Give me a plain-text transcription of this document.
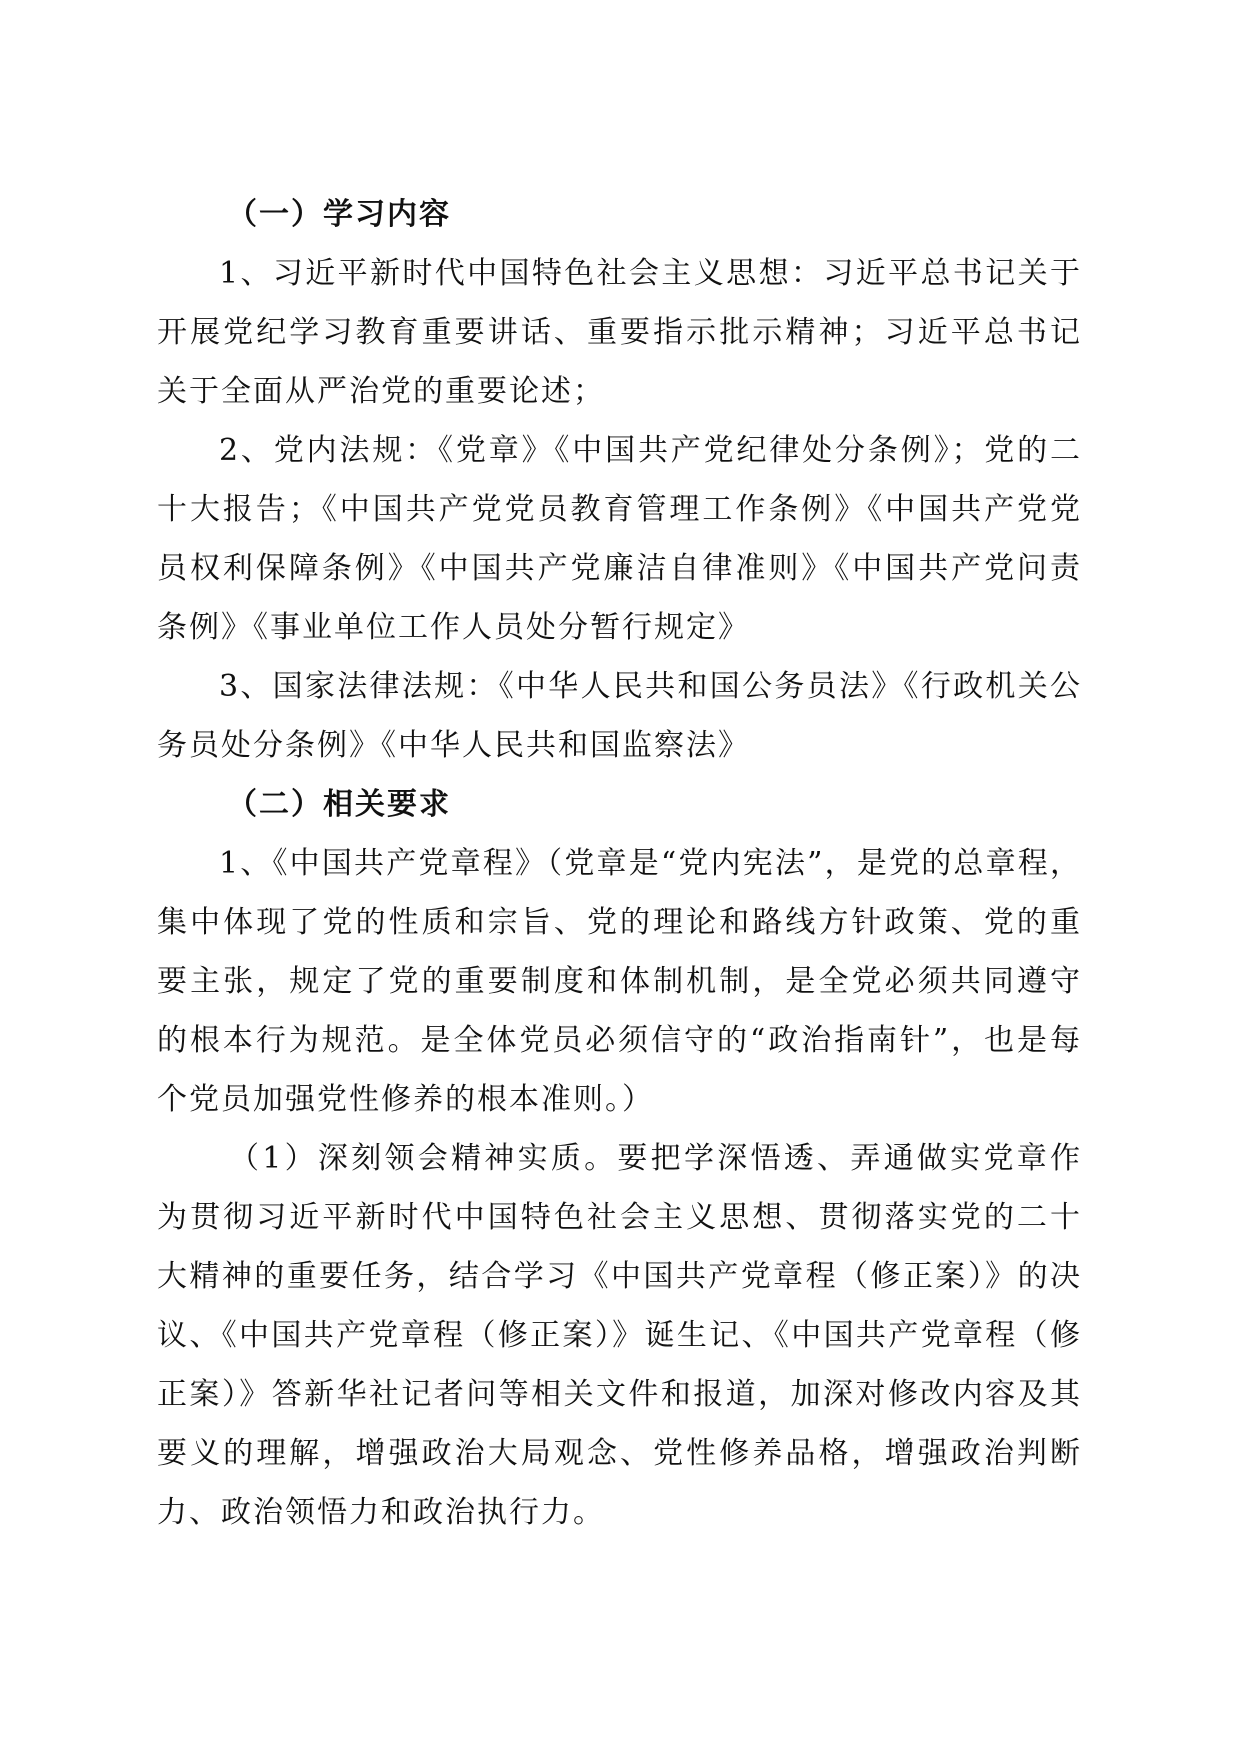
（一）学习内容

1、习近平新时代中国特色社会主义思想：习近平总书记关于开展党纪学习教育重要讲话、重要指示批示精神；习近平总书记关于全面从严治党的重要论述；

2、党内法规：《党章》《中国共产党纪律处分条例》；党的二十大报告；《中国共产党党员教育管理工作条例》《中国共产党党员权利保障条例》《中国共产党廉洁自律准则》《中国共产党问责条例》《事业单位工作人员处分暂行规定》

3、国家法律法规：《中华人民共和国公务员法》《行政机关公务员处分条例》《中华人民共和国监察法》

（二）相关要求

1、《中国共产党章程》（党章是“党内宪法”，是党的总章程，集中体现了党的性质和宗旨、党的理论和路线方针政策、党的重要主张，规定了党的重要制度和体制机制，是全党必须共同遵守的根本行为规范。是全体党员必须信守的“政治指南针”，也是每个党员加强党性修养的根本准则。）

（1）深刻领会精神实质。要把学深悟透、弄通做实党章作为贯彻习近平新时代中国特色社会主义思想、贯彻落实党的二十大精神的重要任务，结合学习《中国共产党章程（修正案）》的决议、《中国共产党章程（修正案）》诞生记、《中国共产党章程（修正案）》答新华社记者问等相关文件和报道，加深对修改内容及其要义的理解，增强政治大局观念、党性修养品格，增强政治判断力、政治领悟力和政治执行力。
